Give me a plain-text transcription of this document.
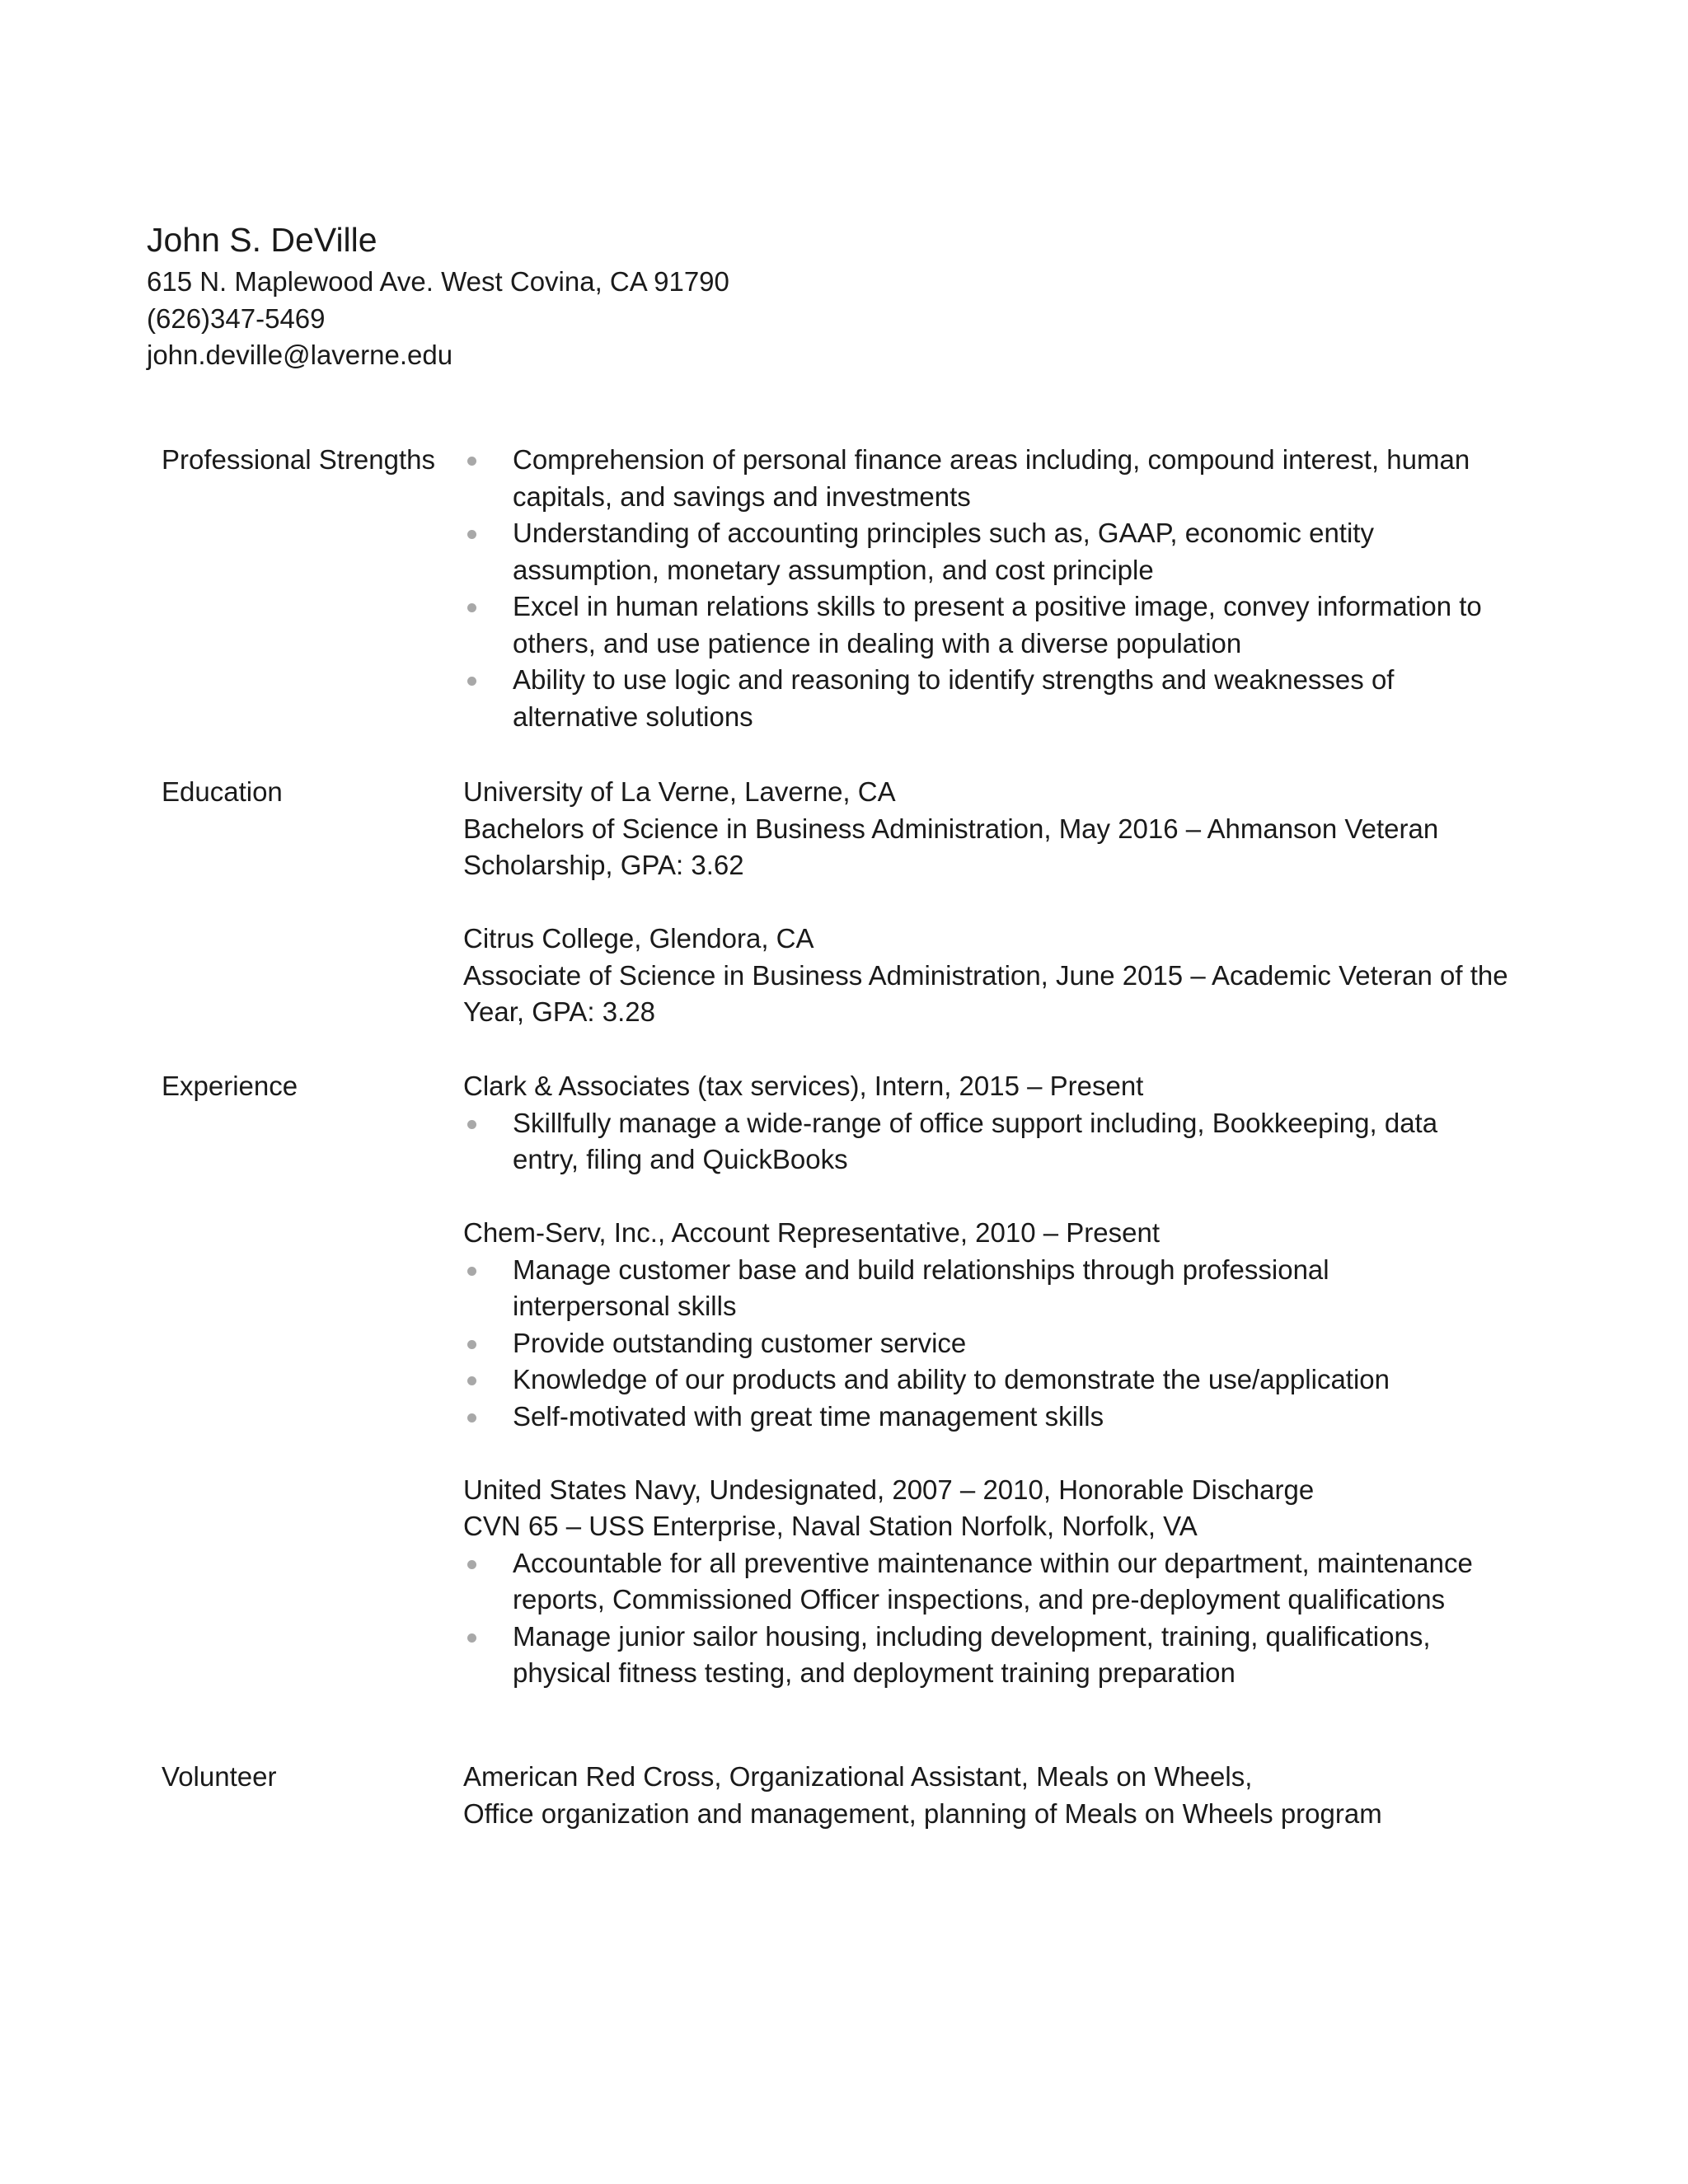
John S. DeVille

615 N. Maplewood Ave. West Covina, CA 91790

(626)347-5469

john.deville@laverne.edu

Professional Strengths	Comprehension of personal finance areas including, compound interest, human
capitals, and savings and investments
Understanding of accounting principles such as, GAAP, economic entity
assumption, monetary assumption, and cost principle
Excel in human relations skills to present a positive image, convey information to
others, and use patience in dealing with a diverse population
Ability to use logic and reasoning to identify strengths and weaknesses of
alternative solutions
Education	University of La Verne, Laverne, CA

Bachelors of Science in Business Administration, May 2016 – Ahmanson Veteran

Scholarship, GPA: 3.62

Citrus College, Glendora, CA

Associate of Science in Business Administration, June 2015 – Academic Veteran of the

Year, GPA: 3.28

Experience	Clark & Associates (tax services), Intern, 2015 – Present

Skillfully manage a wide-range of office support including, Bookkeeping, data
entry, filing and QuickBooks

Chem-Serv, Inc., Account Representative, 2010 – Present

Manage customer base and build relationships through professional
interpersonal skills
Provide outstanding customer service
Knowledge of our products and ability to demonstrate the use/application
Self-motivated with great time management skills

United States Navy, Undesignated, 2007 – 2010, Honorable Discharge

CVN 65 – USS Enterprise, Naval Station Norfolk, Norfolk, VA

Accountable for all preventive maintenance within our department, maintenance
reports, Commissioned Officer inspections, and pre-deployment qualifications
Manage junior sailor housing, including development, training, qualifications,
physical fitness testing, and deployment training preparation
Volunteer	American Red Cross, Organizational Assistant, Meals on Wheels,

Office organization and management, planning of Meals on Wheels program
